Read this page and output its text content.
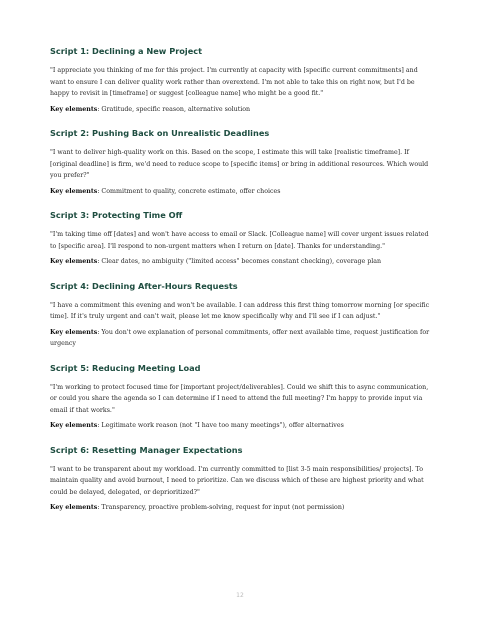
Script 1: Declining a New Project

"I appreciate you thinking of me for this project. I'm currently at capacity with [specific current commitments] and want to ensure I can deliver quality work rather than overextend. I'm not able to take this on right now, but I'd be happy to revisit in [timeframe] or suggest [colleague name] who might be a good fit."

Key elements: Gratitude, specific reason, alternative solution

Script 2: Pushing Back on Unrealistic Deadlines

"I want to deliver high-quality work on this. Based on the scope, I estimate this will take [realistic timeframe]. If [original deadline] is firm, we'd need to reduce scope to [specific items] or bring in additional resources. Which would you prefer?"

Key elements: Commitment to quality, concrete estimate, offer choices

Script 3: Protecting Time Off

"I'm taking time off [dates] and won't have access to email or Slack. [Colleague name] will cover urgent issues related to [specific area]. I'll respond to non-urgent matters when I return on [date]. Thanks for understanding."

Key elements: Clear dates, no ambiguity ("limited access" becomes constant checking), coverage plan

Script 4: Declining After-Hours Requests

"I have a commitment this evening and won't be available. I can address this first thing tomorrow morning [or specific time]. If it's truly urgent and can't wait, please let me know specifically why and I'll see if I can adjust."

Key elements: You don't owe explanation of personal commitments, offer next available time, request justification for urgency

Script 5: Reducing Meeting Load

"I'm working to protect focused time for [important project/deliverables]. Could we shift this to async communication, or could you share the agenda so I can determine if I need to attend the full meeting? I'm happy to provide input via email if that works."

Key elements: Legitimate work reason (not "I have too many meetings"), offer alternatives

Script 6: Resetting Manager Expectations

"I want to be transparent about my workload. I'm currently committed to [list 3-5 main responsibilities/ projects]. To maintain quality and avoid burnout, I need to prioritize. Can we discuss which of these are highest priority and what could be delayed, delegated, or deprioritized?"

Key elements: Transparency, proactive problem-solving, request for input (not permission)

12
